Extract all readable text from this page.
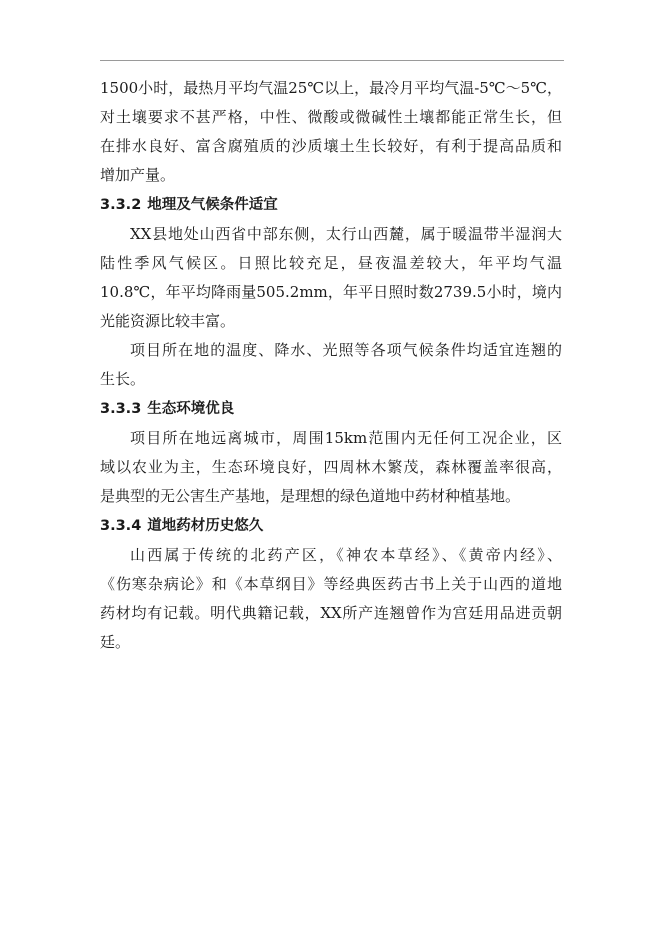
1500小时，最热月平均气温25℃以上，最冷月平均气温-5℃～5℃，
对土壤要求不甚严格，中性、微酸或微碱性土壤都能正常生长，但
在排水良好、富含腐殖质的沙质壤土生长较好，有利于提高品质和
增加产量。
3.3.2 地理及气候条件适宜
XX县地处山西省中部东侧，太行山西麓，属于暖温带半湿润大
陆性季风气候区。日照比较充足，昼夜温差较大，年平均气温
10.8℃，年平均降雨量505.2mm，年平日照时数2739.5小时，境内
光能资源比较丰富。
项目所在地的温度、降水、光照等各项气候条件均适宜连翘的
生长。
3.3.3 生态环境优良
项目所在地远离城市，周围15km范围内无任何工况企业，区
域以农业为主，生态环境良好，四周林木繁茂，森林覆盖率很高，
是典型的无公害生产基地，是理想的绿色道地中药材种植基地。
3.3.4 道地药材历史悠久
山西属于传统的北药产区，《神农本草经》、《黄帝内经》、
《伤寒杂病论》和《本草纲目》等经典医药古书上关于山西的道地
药材均有记载。明代典籍记载，XX所产连翘曾作为宫廷用品进贡朝
廷。
